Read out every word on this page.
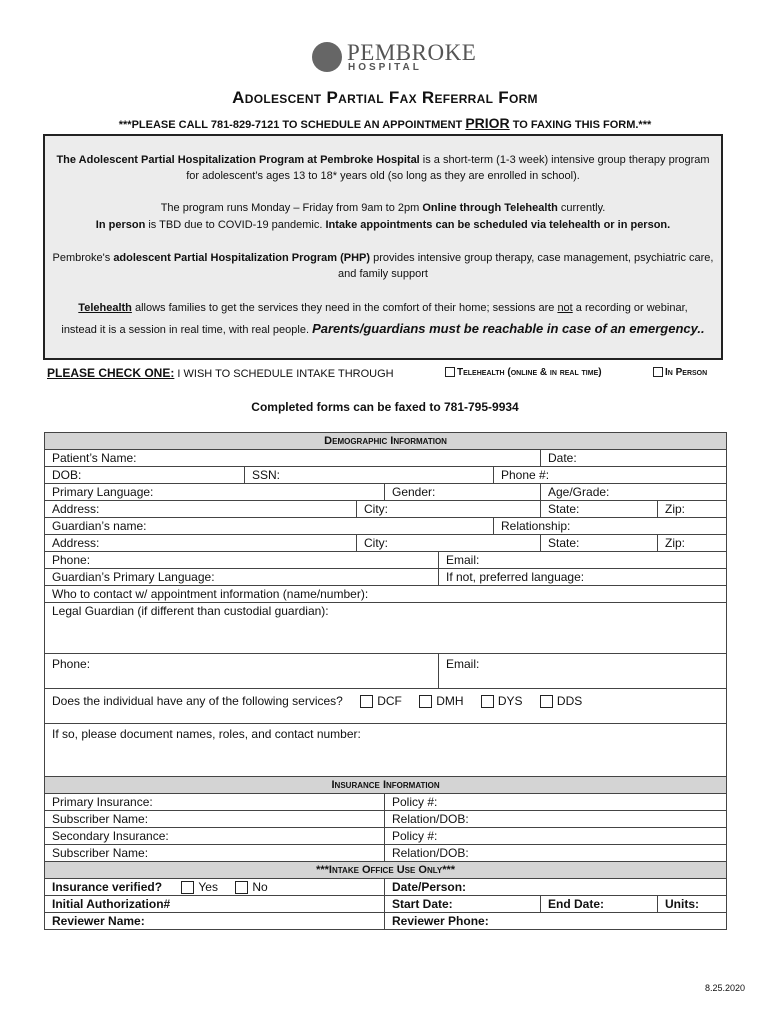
PEMBROKE
HOSPITAL
Adolescent Partial Fax Referral Form
***PLEASE CALL 781-829-7121 TO SCHEDULE AN APPOINTMENT PRIOR TO FAXING THIS FORM.***
The Adolescent Partial Hospitalization Program at Pembroke Hospital is a short-term (1-3 week) intensive group therapy program for adolescent’s ages 13 to 18* years old (so long as they are enrolled in school).
The program runs Monday – Friday from 9am to 2pm Online through Telehealth currently.
In person is TBD due to COVID-19 pandemic. Intake appointments can be scheduled via telehealth or in person.
Pembroke's adolescent Partial Hospitalization Program (PHP) provides intensive group therapy, case management, psychiatric care, and family support
Telehealth allows families to get the services they need in the comfort of their home; sessions are not a recording or webinar,
instead it is a session in real time, with real people. Parents/guardians must be reachable in case of an emergency..
PLEASE CHECK ONE: I WISH TO SCHEDULE INTAKE THROUGH	Telehealth (online & in real time)	In Person
Completed forms can be faxed to 781-795-9934
Demographic Information							
Patient’s Name:						Date:	
DOB:	SSN:				Phone #:		
Primary Language:			Gender:			Age/Grade:	
Address:		City:				State:	Zip:
Guardian’s name:					Relationship:		
Address:		City:				State:	Zip:
Phone:				Email:			
Guardian’s Primary Language:				If not, preferred language:			
Who to contact w/ appointment information (name/number):							
Legal Guardian (if different than custodial guardian):							
Phone:				Email:			
Does the individual have any of the following services? DCF DMH DYS DDS							
If so, please document names, roles, and contact number:							
Insurance Information							
Primary Insurance:			Policy #:				
Subscriber Name:			Relation/DOB:				
Secondary Insurance:			Policy #:				
Subscriber Name:			Relation/DOB:				
***Intake Office Use Only***							
Insurance verified? Yes No			Date/Person:				
Initial Authorization#			Start Date:			End Date:	Units:
Reviewer Name:			Reviewer Phone:				
8.25.2020
